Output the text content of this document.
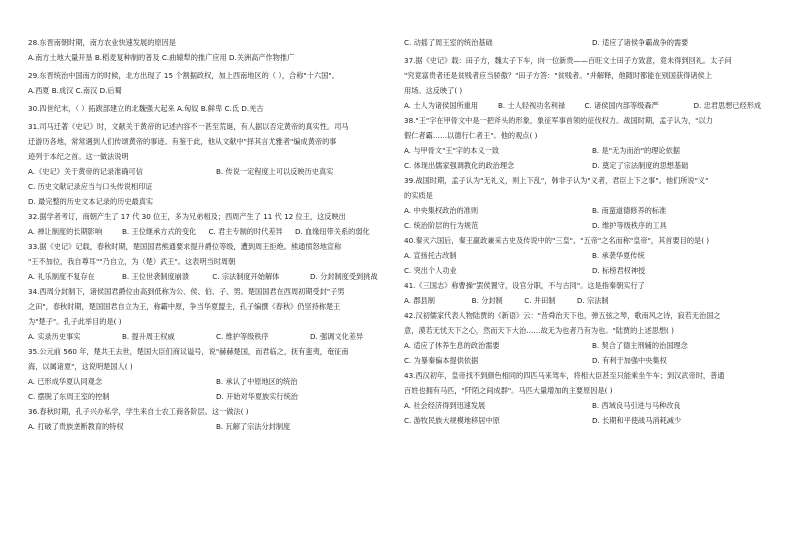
28.东晋南朝时期，南方农业快速发展的原因是

A.南方土地大量开垦 B.稻麦复种制的普及 C.曲辕犁的推广应用 D.关洲高产作物推广

29.东晋统治中国南方的时候，北方出现了 15 个割据政权，加上西南地区的（ ），合称"十六国"。

A.西夏 B.成汉 C.南汉 D.后蜀

30.四世纪末，（ ）拓跋部建立的北魏强大起来 A.匈奴 B.鲜卑 C.氐 D.羌古

31.司马迁著《史记》时，文献关于黄帝的记述内容不一甚至荒诞，有人据以否定黄帝的真实性。司马

迁游历各地，常常遇到人们传颂黄帝的事迹。有鉴于此，他从文献中"择其言尤雅者"编成黄帝的事

迹列于本纪之首。这一做法说明

A.《史记》关于黄帝的记录准确可信	B. 传说一定程度上可以反映历史真实

C. 历史文献记录应当与口头传说相印证

D. 最完整的历史文本记录的历史最真实

32.据学者考订，商朝产生了 17 代 30 位王，多为兄弟相及；西周产生了 11 代 12 位王，这反映出

A. 禅让制度的长期影响	B. 王位继承方式的变化	C. 君主专制的时代差异	D. 血缘纽带关系的弱化

33.据《史记》记载，春秋时期，楚国国君熊通要求提升爵位等级，遭到周王拒绝。熊通愤怒地宣称

"王不加位，我自尊耳""乃自立，为（楚）武王"。这表明当时周朝

A. 礼乐制度不复存在	B. 王位世袭制度崩溃	C. 宗法制度开始解体	D. 分封制度受到挑战

34.西周分封制下，诸侯国君爵位由高到低称为公、侯、伯、子、男。楚国国君在西周初期受封"子男

之田"，春秋时期，楚国国君自立为王，称霸中原，争当华夏盟主，孔子编撰《春秋》仍坚持称楚王

为"楚子"。孔子此举目的是( )

A. 实录历史事实	B. 提升周王权威	C. 维护等级秩序	D. 强调文化差异

35.公元前 560 年，楚共王去世，楚国大臣们商议谥号，说"赫赫楚国，而君临之，抚有蛮夷，奄征南

海，以属诸夏"，这说明楚国人( )

A. 已形成华夏认同观念	B. 承认了中原地区的统治
C. 摆脱了东周王室的控制	D. 开始对华夏族实行统治

36.春秋时期，孔子兴办私学，学生来自士农工商各阶层。这一做法( )

A. 打破了贵族垄断教育的特权	B. 瓦解了宗法分封制度
C. 动摇了周王室的统治基础	D. 适应了诸侯争霸战争的需要

37.据《史记》载：田子方，魏太子下车，向一位新贵——百旺文士田子方致意，竟未得到回礼。太子问

"究竟富贵者还是贫贱者应当骄傲？"田子方答："贫贱者。"并解释，他随时都能在别国获得诸侯上

用场。这反映了( )

A. 士人为诸侯国所重用	B. 士人轻视功名利禄	C. 诸侯国内部等级森严	D. 忠君思想已经形成

38."王"字在甲骨文中是一把斧头的形象，象征军事首领的征伐权力。战国时期，孟子认为，"以力

假仁者霸……以德行仁者王"。他的观点( )

A. 与甲骨文"王"字的本义一致	B. 是"无为而治"的理论依据
C. 体现出儒家强调教化的政治理念	D. 奠定了宗法制度的思想基础

39.战国时期，孟子认为"无礼义，则上下乱"，韩非子认为"义者，君臣上下之事"。他们所说"义"

的实质是

A. 中央集权政治的准则	B. 南蛮道德修养的标准
C. 统治阶层的行为规范	D. 维护等级秩序的工具

40.秦灭六国后，秦王嬴政兼采古史及传说中的"三皇"、"五帝"之名而称"皇帝"，其首要目的是( )

A. 宣扬托古改制	B. 承袭华夏传统
C. 突出个人功业	D. 标榜君权神授

41.《三国志》称曹操"罢侯置守，设官分职，不与古同"。这是指秦朝实行了

A. 郡县制	B. 分封制	C. 井田制	D. 宗法制

42.汉初儒家代表人物陆贾的《新语》云："昔舜治天下也，弹五弦之琴，歌南风之诗，寂若无治国之

意，漠若无忧天下之心，然而天下大治……故无为也者乃有为也。"陆贾的上述思想( )

A. 适应了休养生息的政治需要	B. 契合了德主刑辅的治国理念
C. 为暴秦偏本提供依据	D. 有利于加强中央集权

43.西汉初年，皇帝找不到颜色相同的四匹马来驾车，将相大臣甚至只能乘坐牛车；到汉武帝时，普通

百姓也拥有马匹，"阡陌之间成群"。马匹大量增加的主要原因是( )

A. 社会经济得到迅速发展	B. 西域良马引进与马种改良
C. 游牧民族大规模地移居中原	D. 长期和平使战马消耗减少
